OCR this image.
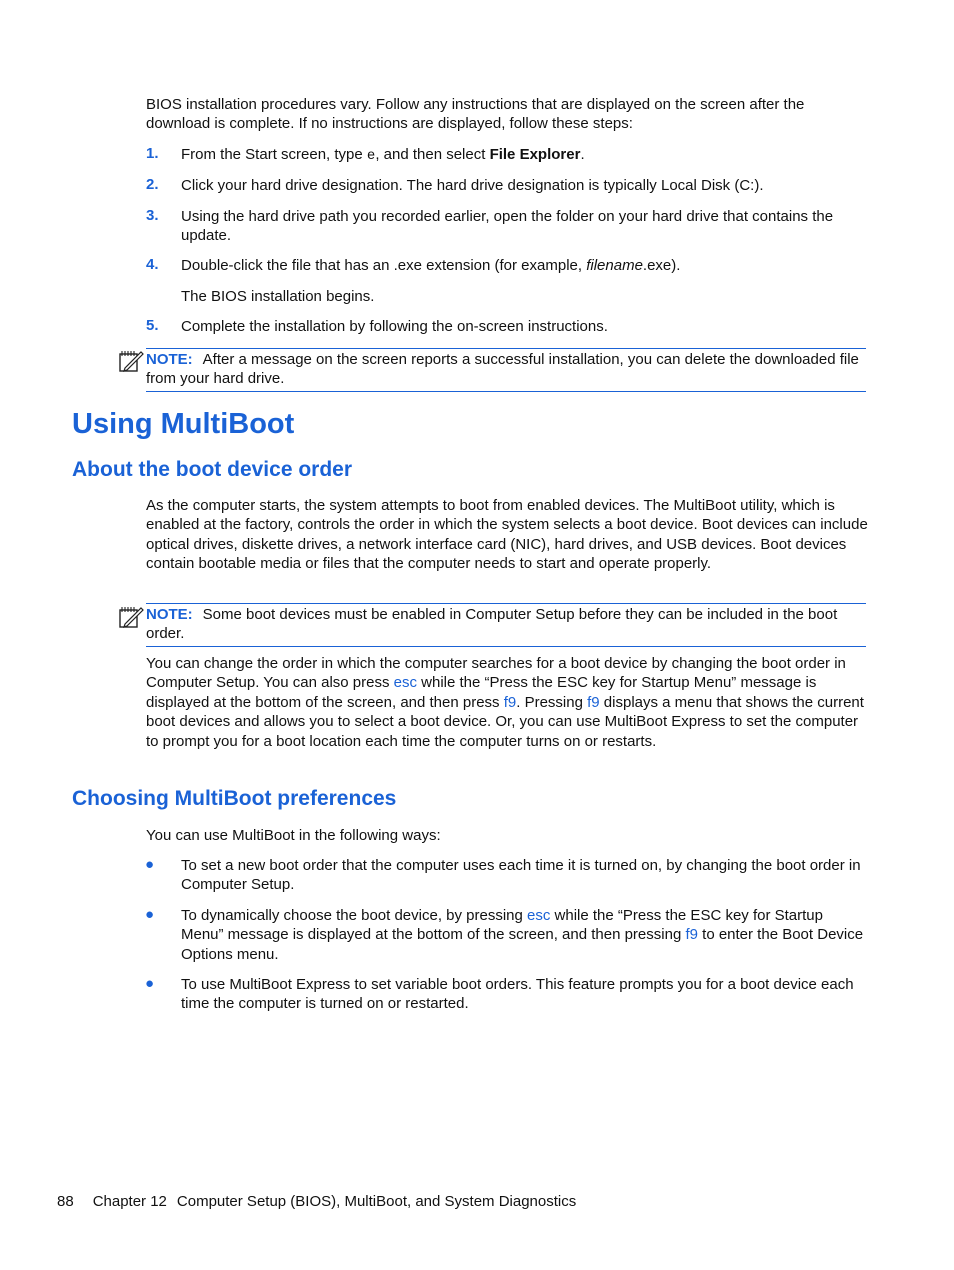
BIOS installation procedures vary. Follow any instructions that are displayed on the screen after the download is complete. If no instructions are displayed, follow these steps:
1. From the Start screen, type e, and then select File Explorer.
2. Click your hard drive designation. The hard drive designation is typically Local Disk (C:).
3. Using the hard drive path you recorded earlier, open the folder on your hard drive that contains the update.
4. Double-click the file that has an .exe extension (for example, filename.exe).
The BIOS installation begins.
5. Complete the installation by following the on-screen instructions.
NOTE: After a message on the screen reports a successful installation, you can delete the downloaded file from your hard drive.
Using MultiBoot
About the boot device order
As the computer starts, the system attempts to boot from enabled devices. The MultiBoot utility, which is enabled at the factory, controls the order in which the system selects a boot device. Boot devices can include optical drives, diskette drives, a network interface card (NIC), hard drives, and USB devices. Boot devices contain bootable media or files that the computer needs to start and operate properly.
NOTE: Some boot devices must be enabled in Computer Setup before they can be included in the boot order.
You can change the order in which the computer searches for a boot device by changing the boot order in Computer Setup. You can also press esc while the “Press the ESC key for Startup Menu” message is displayed at the bottom of the screen, and then press f9. Pressing f9 displays a menu that shows the current boot devices and allows you to select a boot device. Or, you can use MultiBoot Express to set the computer to prompt you for a boot location each time the computer turns on or restarts.
Choosing MultiBoot preferences
You can use MultiBoot in the following ways:
● To set a new boot order that the computer uses each time it is turned on, by changing the boot order in Computer Setup.
● To dynamically choose the boot device, by pressing esc while the “Press the ESC key for Startup Menu” message is displayed at the bottom of the screen, and then pressing f9 to enter the Boot Device Options menu.
● To use MultiBoot Express to set variable boot orders. This feature prompts you for a boot device each time the computer is turned on or restarted.
88 Chapter 12 Computer Setup (BIOS), MultiBoot, and System Diagnostics
